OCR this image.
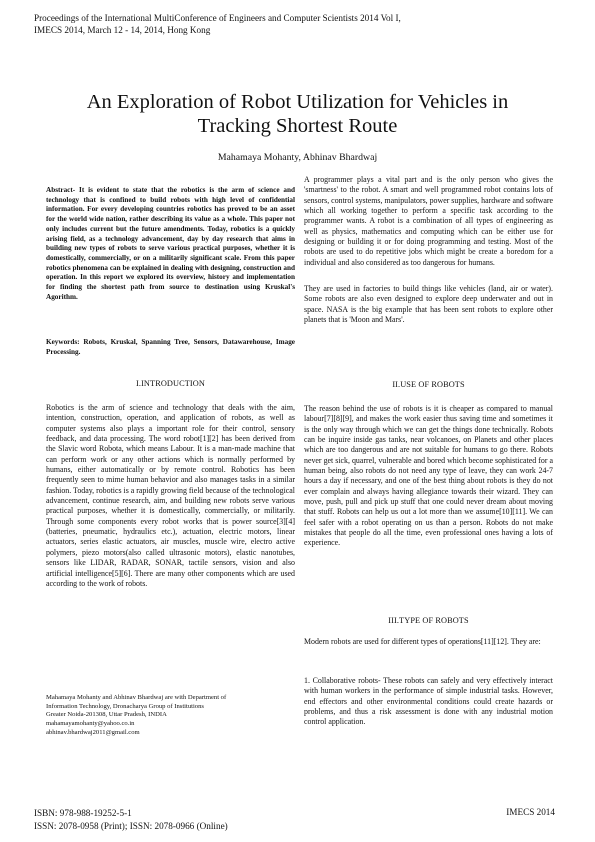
Proceedings of the International MultiConference of Engineers and Computer Scientists 2014 Vol I,
IMECS 2014, March 12 - 14, 2014, Hong Kong
An Exploration of Robot Utilization for Vehicles in
Tracking Shortest Route
Mahamaya Mohanty, Abhinav Bhardwaj

Abstract- It is evident to state that the robotics is the arm of science and technology that is confined to build robots with high level of confidential information. For every developing countries robotics has proved to be an asset for the world wide nation, rather describing its value as a whole. This paper not only includes current but the future amendments. Today, robotics is a quickly arising field, as a technology advancement, day by day research that aims in building new types of robots to serve various practical purposes, whether it is domestically, commercially, or on a militarily significant scale. From this paper robotics phenomena can be explained in dealing with designing, construction and operation. In this report we explored its overview, history and implementation for finding the shortest path from source to destination using Kruskal's Agorithm.

Keywords: Robots, Kruskal, Spanning Tree, Sensors, Datawarehouse, Image Processing.

I.INTRODUCTION

Robotics is the arm of science and technology that deals with the aim, intention, construction, operation, and application of robots, as well as computer systems also plays a important role for their control, sensory feedback, and data processing. The word robot[1][2] has been derived from the Slavic word Robota, which means Labour. It is a man-made machine that can perform work or any other actions which is normally performed by humans, either automatically or by remote control. Robotics has been frequently seen to mime human behavior and also manages tasks in a similar fashion. Today, robotics is a rapidly growing field because of the technological advancement, continue research, aim, and building new robots serve various practical purposes, whether it is domestically, commercially, or militarily. Through some components every robot works that is power source[3][4](batteries, pneumatic, hydraulics etc.), actuation, electric motors, linear actuators, series elastic actuators, air muscles, muscle wire, electro active polymers, piezo motors(also called ultrasonic motors), elastic nanotubes, sensors like LIDAR, RADAR, SONAR, tactile sensors, vision and also artificial intelligence[5][6]. There are many other components which are used according to the work of robots.

Mahamaya Mohanty and Abhinav Bhardwaj are with Department of
Information Technology, Dronacharya Group of Institutions
Greater Noida-201308, Uttar Pradesh, INDIA
mahamayamohanty@yahoo.co.in
abhinav.bhardwaj2011@gmail.com

A programmer plays a vital part and is the only person who gives the 'smartness' to the robot. A smart and well programmed robot contains lots of sensors, control systems, manipulators, power supplies, hardware and software which all working together to perform a specific task according to the programmer wants. A robot is a combination of all types of engineering as well as physics, mathematics and computing which can be either use for designing or building it or for doing programming and testing. Most of the robots are used to do repetitive jobs which might be create a boredom for a individual and also considered as too dangerous for humans.

They are used in factories to build things like vehicles (land, air or water). Some robots are also even designed to explore deep underwater and out in space. NASA is the big example that has been sent robots to explore other planets that is 'Moon and Mars'.

II.USE OF ROBOTS

The reason behind the use of robots is it is cheaper as compared to manual labour[7][8][9], and makes the work easier thus saving time and sometimes it is the only way through which we can get the things done technically. Robots can be inquire inside gas tanks, near volcanoes, on Planets and other places which are too dangerous and are not suitable for humans to go there. Robots never get sick, quarrel, vulnerable and bored which become sophisticated for a human being, also robots do not need any type of leave, they can work 24-7 hours a day if necessary, and one of the best thing about robots is they do not ever complain and always having allegiance towards their wizard. They can move, push, pull and pick up stuff that one could never dream about moving that stuff. Robots can help us out a lot more than we assume[10][11]. We can feel safer with a robot operating on us than a person. Robots do not make mistakes that people do all the time, even professional ones having a lots of experience.

III.TYPE OF ROBOTS

Modern robots are used for different types of operations[11][12]. They are:

1. Collaborative robots- These robots can safely and very effectively interact with human workers in the performance of simple industrial tasks. However, end effectors and other environmental conditions could create hazards or problems, and thus a risk assessment is done with any industrial motion control application.

ISBN: 978-988-19252-5-1
ISSN: 2078-0958 (Print); ISSN: 2078-0966 (Online)
IMECS 2014
